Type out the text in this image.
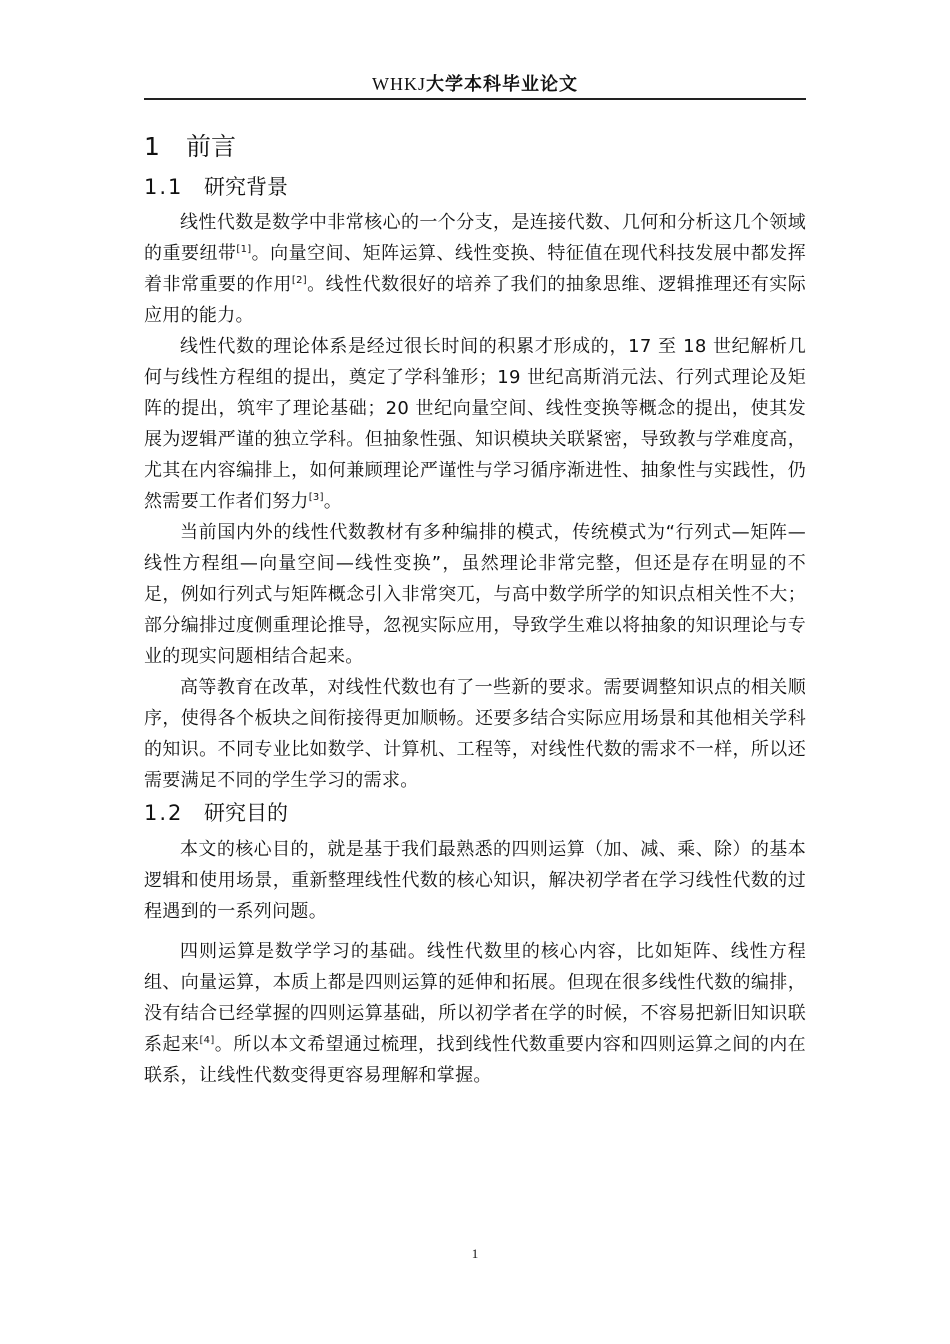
WHKJ大学本科毕业论文
1 前言
1.1 研究背景

线性代数是数学中非常核心的一个分支，是连接代数、几何和分析这几个领域的重要纽带[1]。向量空间、矩阵运算、线性变换、特征值在现代科技发展中都发挥着非常重要的作用[2]。线性代数很好的培养了我们的抽象思维、逻辑推理还有实际应用的能力。

线性代数的理论体系是经过很长时间的积累才形成的，17 至 18 世纪解析几何与线性方程组的提出，奠定了学科雏形；19 世纪高斯消元法、行列式理论及矩阵的提出，筑牢了理论基础；20 世纪向量空间、线性变换等概念的提出，使其发展为逻辑严谨的独立学科。但抽象性强、知识模块关联紧密，导致教与学难度高，尤其在内容编排上，如何兼顾理论严谨性与学习循序渐进性、抽象性与实践性，仍然需要工作者们努力[3]。

当前国内外的线性代数教材有多种编排的模式，传统模式为“行列式—矩阵—线性方程组—向量空间—线性变换”，虽然理论非常完整，但还是存在明显的不足，例如行列式与矩阵概念引入非常突兀，与高中数学所学的知识点相关性不大；部分编排过度侧重理论推导，忽视实际应用，导致学生难以将抽象的知识理论与专业的现实问题相结合起来。

高等教育在改革，对线性代数也有了一些新的要求。需要调整知识点的相关顺序，使得各个板块之间衔接得更加顺畅。还要多结合实际应用场景和其他相关学科的知识。不同专业比如数学、计算机、工程等，对线性代数的需求不一样，所以还需要满足不同的学生学习的需求。

1.2 研究目的

本文的核心目的，就是基于我们最熟悉的四则运算（加、减、乘、除）的基本逻辑和使用场景，重新整理线性代数的核心知识，解决初学者在学习线性代数的过程遇到的一系列问题。

四则运算是数学学习的基础。线性代数里的核心内容，比如矩阵、线性方程组、向量运算，本质上都是四则运算的延伸和拓展。但现在很多线性代数的编排，没有结合已经掌握的四则运算基础，所以初学者在学的时候，不容易把新旧知识联系起来[4]。所以本文希望通过梳理，找到线性代数重要内容和四则运算之间的内在联系，让线性代数变得更容易理解和掌握。

1
